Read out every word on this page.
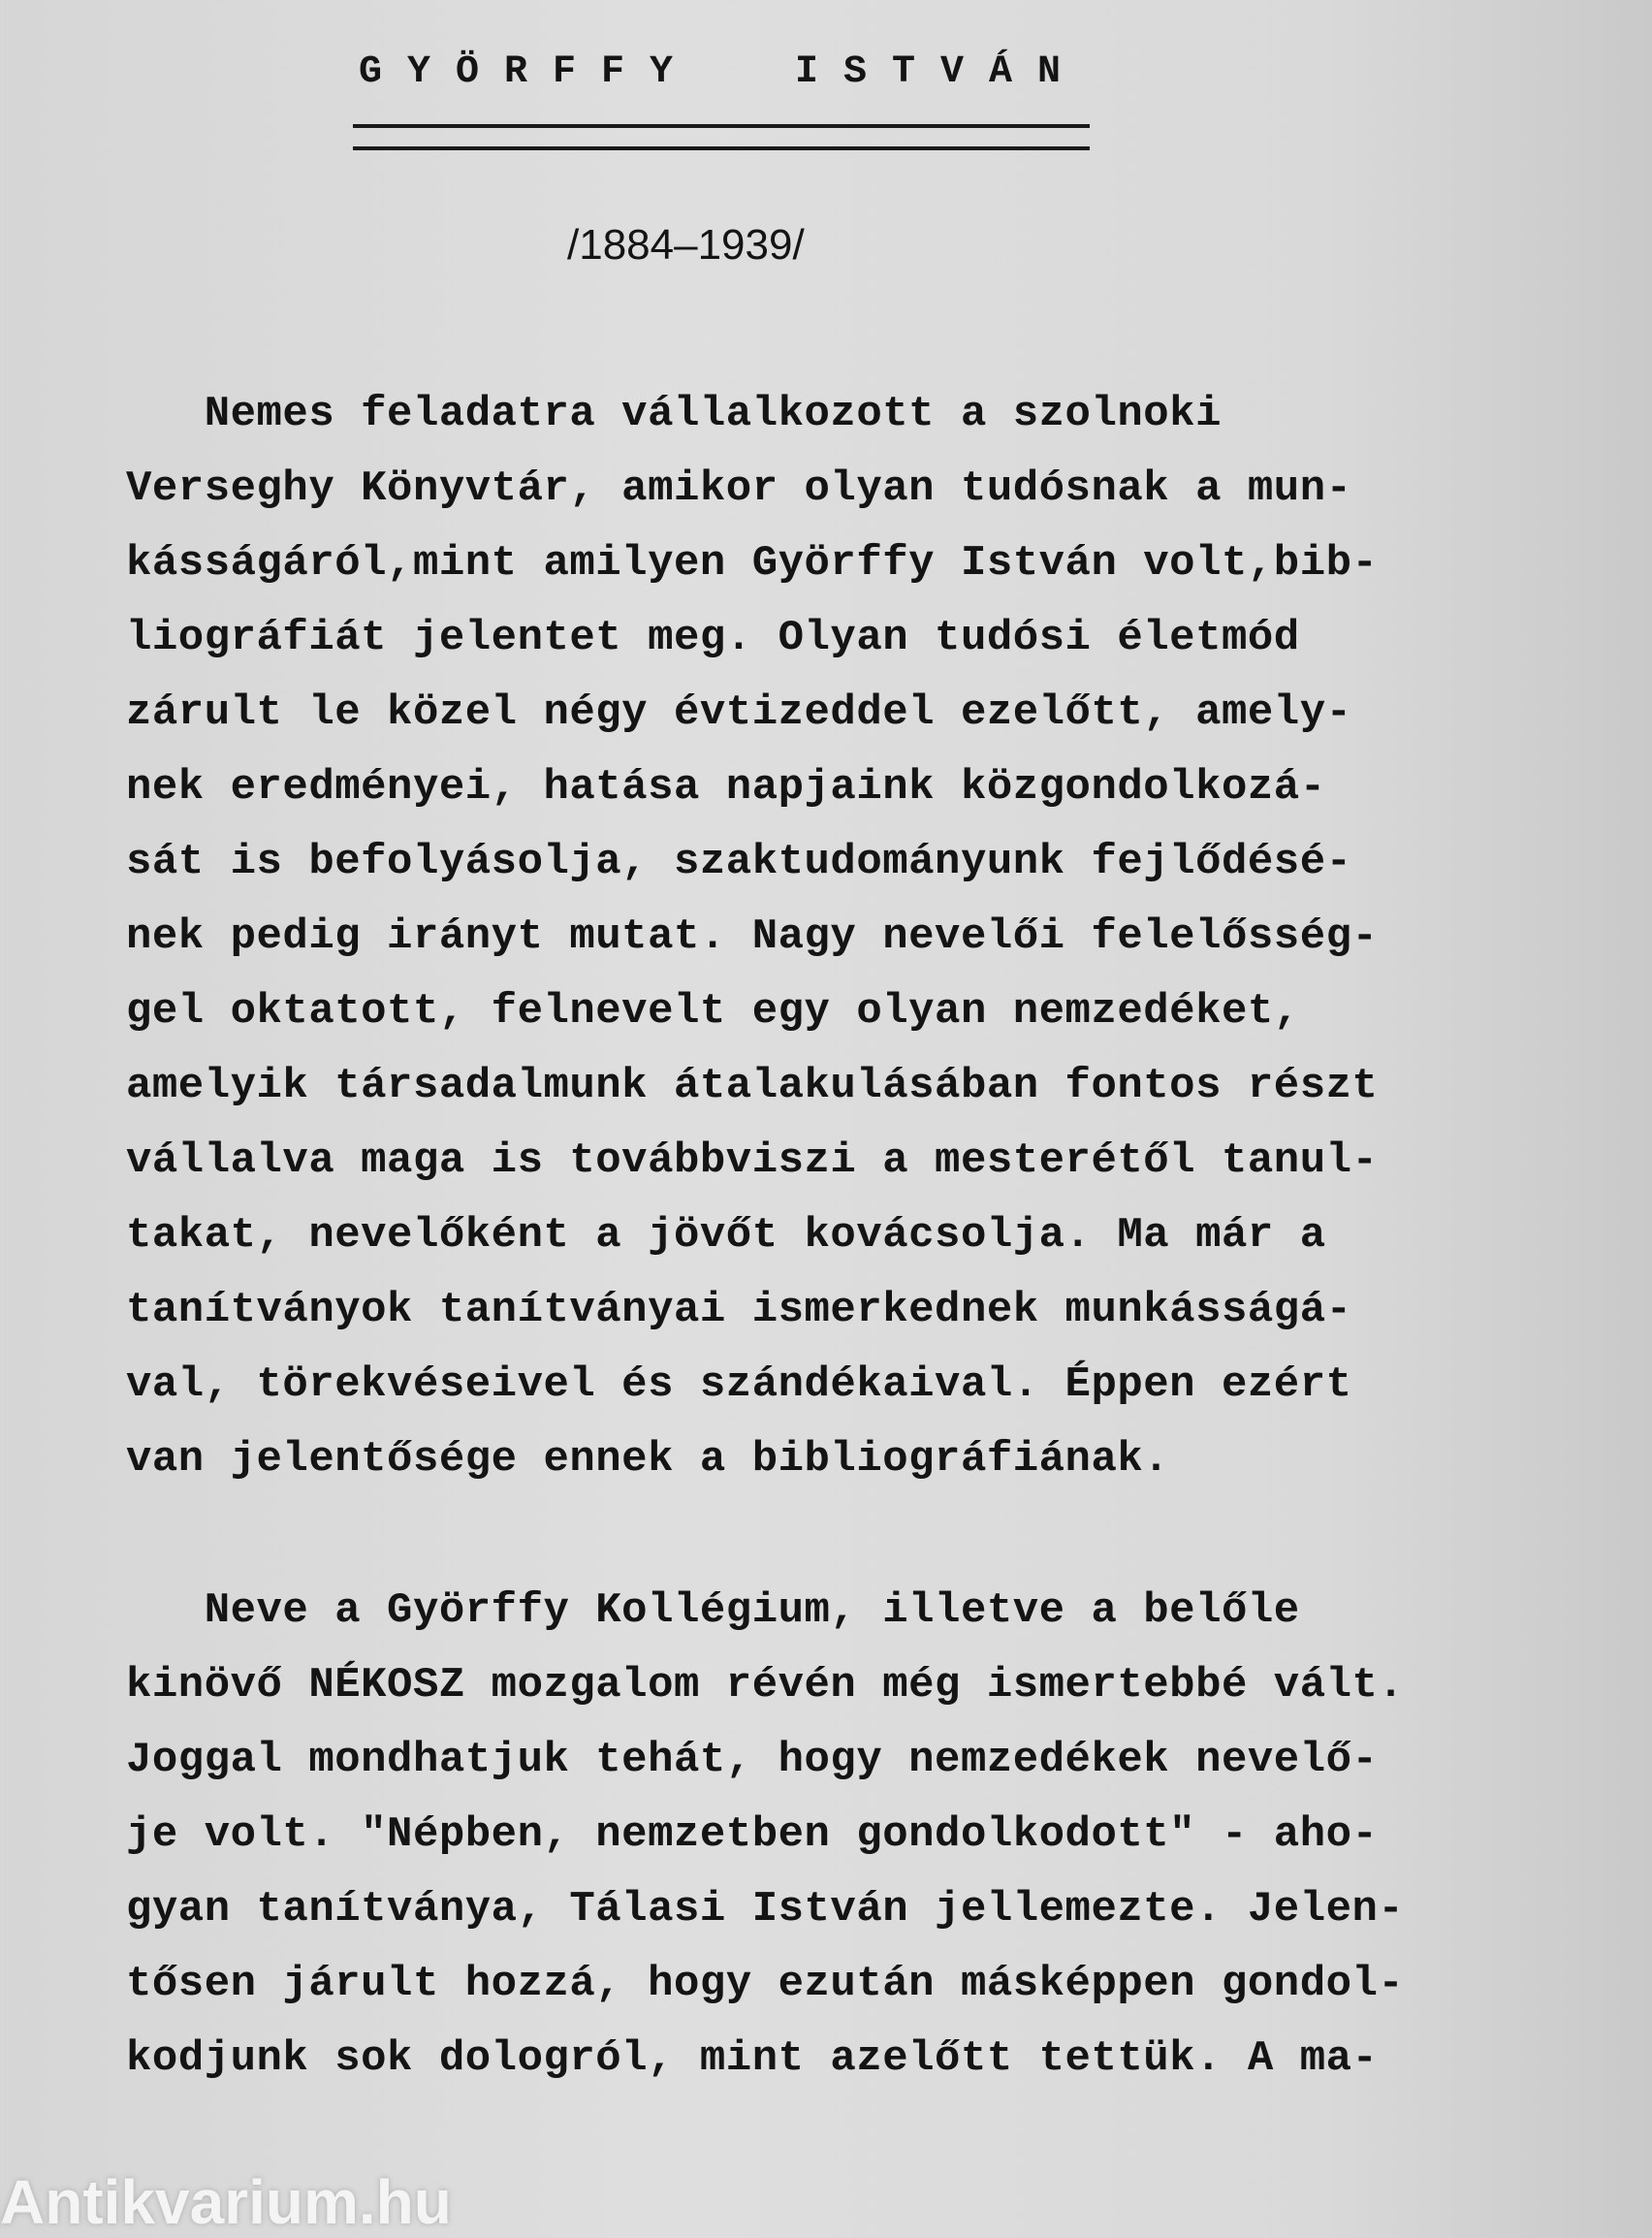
GYÖRFFY  ISTVÁN
/1884–1939/
Nemes feladatra vállalkozott a szolnoki
Verseghy Könyvtár, amikor olyan tudósnak a mun-
kásságáról,mint amilyen Györffy István volt,bib-
liográfiát jelentet meg. Olyan tudósi életmód
zárult le közel négy évtizeddel ezelőtt, amely-
nek eredményei, hatása napjaink közgondolkozá-
sát is befolyásolja, szaktudományunk fejlődésé-
nek pedig irányt mutat. Nagy nevelői felelősség-
gel oktatott, felnevelt egy olyan nemzedéket,
amelyik társadalmunk átalakulásában fontos részt
vállalva maga is továbbviszi a mesterétől tanul-
takat, nevelőként a jövőt kovácsolja. Ma már a
tanítványok tanítványai ismerkednek munkásságá-
val, törekvéseivel és szándékaival. Éppen ezért
van jelentősége ennek a bibliográfiának.
Neve a Györffy Kollégium, illetve a belőle
kinövő NÉKOSZ mozgalom révén még ismertebbé vált.
Joggal mondhatjuk tehát, hogy nemzedékek nevelő-
je volt. "Népben, nemzetben gondolkodott" - aho-
gyan tanítványa, Tálasi István jellemezte. Jelen-
tősen járult hozzá, hogy ezután másképpen gondol-
kodjunk sok dologról, mint azelőtt tettük. A ma-
Antikvarium.hu
